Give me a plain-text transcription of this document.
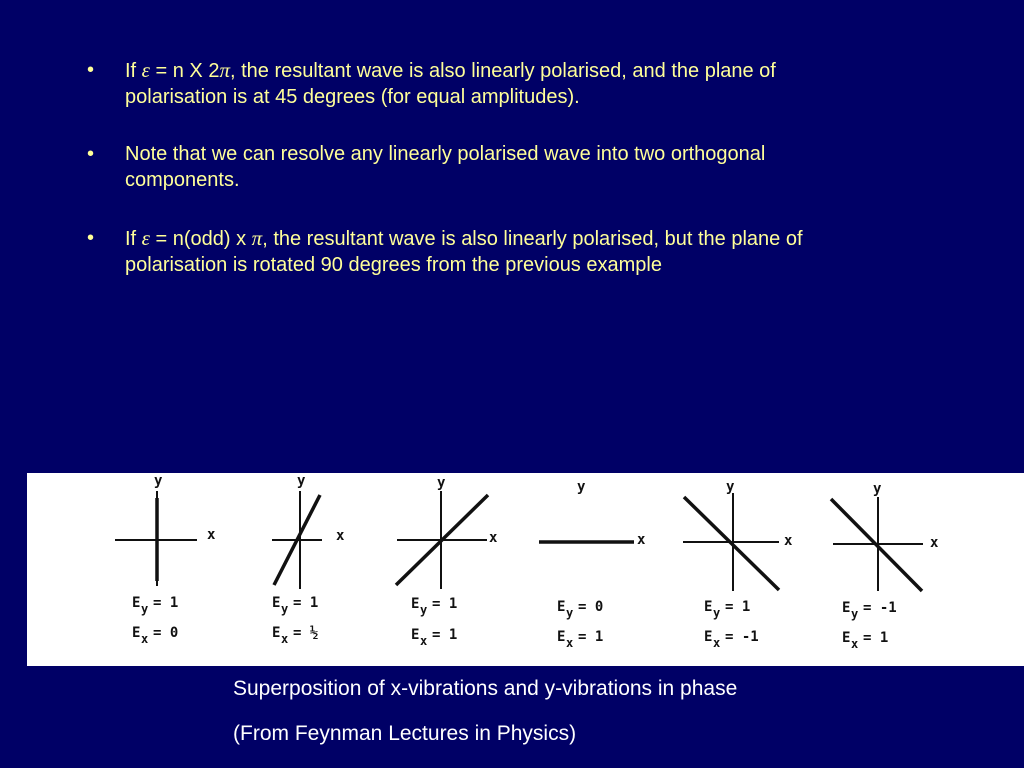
• If ε = n X 2π, the resultant wave is also linearly polarised, and the plane of
polarisation is at 45 degrees (for equal amplitudes).
• Note that we can resolve any linearly polarised wave into two orthogonal
components.
• If ε = n(odd) x π, the resultant wave is also linearly polarised, but the plane of
polarisation is rotated 90 degrees from the previous example
y
x
E y = 1
E x = 0
y
x
E y = 1
E x = ½
y
x
E y = 1
E x = 1
y
x
E y = 0
E x = 1
y
x
E y = 1
E x = -1
y
x
E y = -1
E x = 1
Superposition of x-vibrations and y-vibrations in phase
(From Feynman Lectures in Physics)
